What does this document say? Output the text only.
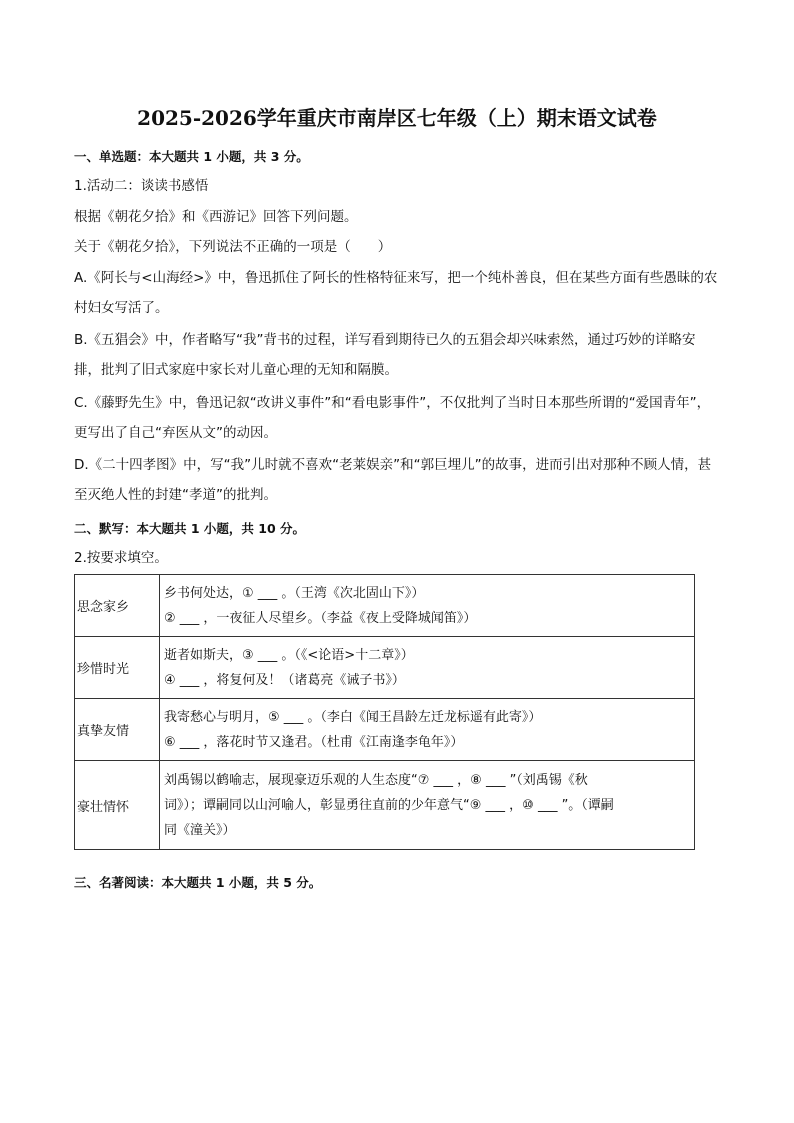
2025-2026学年重庆市南岸区七年级（上）期末语文试卷
一、单选题：本大题共 1 小题，共 3 分。
1.活动二：谈读书感悟
根据《朝花夕拾》和《西游记》回答下列问题。
关于《朝花夕拾》，下列说法不正确的一项是（　　）
A.《阿长与<山海经>》中，鲁迅抓住了阿长的性格特征来写，把一个纯朴善良，但在某些方面有些愚昧的农村妇女写活了。
B.《五猖会》中，作者略写“我”背书的过程，详写看到期待已久的五猖会却兴味索然，通过巧妙的详略安排，批判了旧式家庭中家长对儿童心理的无知和隔膜。
C.《藤野先生》中，鲁迅记叙“改讲义事件”和“看电影事件”，不仅批判了当时日本那些所谓的“爱国青年”，更写出了自己“弃医从文”的动因。
D.《二十四孝图》中，写“我”儿时就不喜欢“老莱娱亲”和“郭巨埋儿”的故事，进而引出对那种不顾人情，甚至灭绝人性的封建“孝道”的批判。
二、默写：本大题共 1 小题，共 10 分。
2.按要求填空。
思念家乡	乡书何处达，① ___ 。（王湾《次北固山下》）
② ___ ，一夜征人尽望乡。（李益《夜上受降城闻笛》）

珍惜时光	逝者如斯夫，③ ___ 。（《<论语>十二章》）
④ ___ ，将复何及！（诸葛亮《诫子书》）

真挚友情	我寄愁心与明月，⑤ ___ 。（李白《闻王昌龄左迁龙标遥有此寄》）
⑥ ___ ，落花时节又逢君。（杜甫《江南逢李龟年》）

豪壮情怀	刘禹锡以鹤喻志，展现豪迈乐观的人生态度“⑦ ___ ，⑧ ___ ”（刘禹锡《秋
词》）；谭嗣同以山河喻人，彰显勇往直前的少年意气“⑨ ___ ，⑩ ___ ”。（谭嗣
同《潼关》）
三、名著阅读：本大题共 1 小题，共 5 分。
